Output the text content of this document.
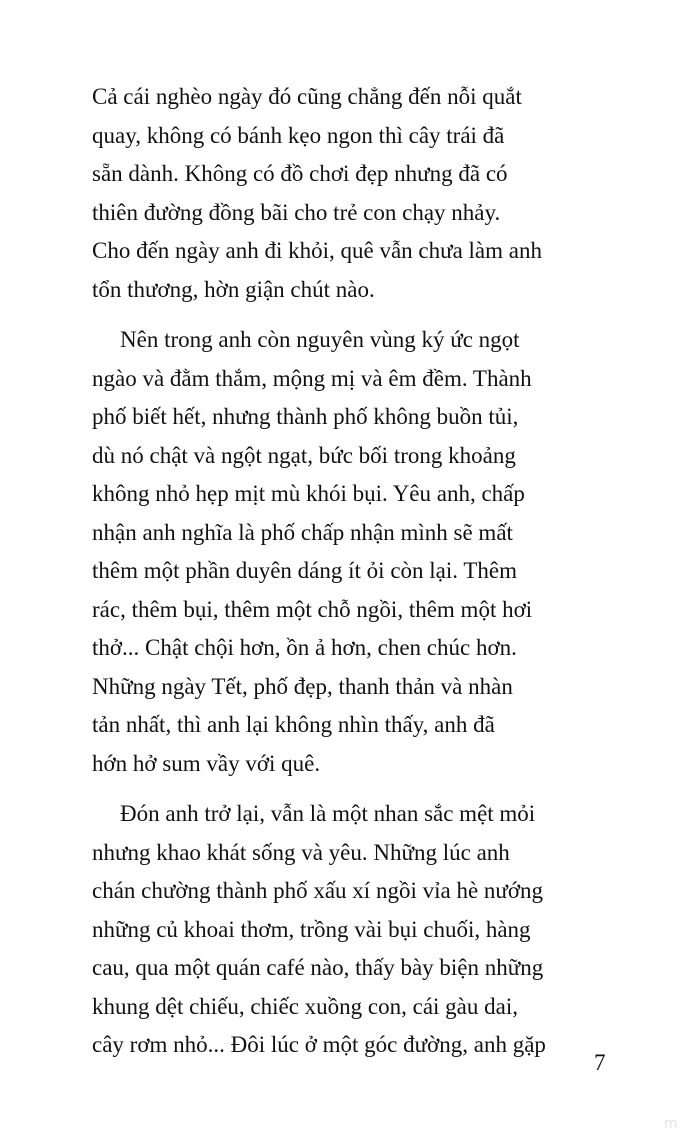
Cả cái nghèo ngày đó cũng chẳng đến nỗi quắt
quay, không có bánh kẹo ngon thì cây trái đã
sẵn dành. Không có đồ chơi đẹp nhưng đã có
thiên đường đồng bãi cho trẻ con chạy nhảy.
Cho đến ngày anh đi khỏi, quê vẫn chưa làm anh
tổn thương, hờn giận chút nào.

Nên trong anh còn nguyên vùng ký ức ngọt
ngào và đằm thắm, mộng mị và êm đềm. Thành
phố biết hết, nhưng thành phố không buồn tủi,
dù nó chật và ngột ngạt, bức bối trong khoảng
không nhỏ hẹp mịt mù khói bụi. Yêu anh, chấp
nhận anh nghĩa là phố chấp nhận mình sẽ mất
thêm một phần duyên dáng ít ỏi còn lại. Thêm
rác, thêm bụi, thêm một chỗ ngồi, thêm một hơi
thở... Chật chội hơn, ồn ả hơn, chen chúc hơn.
Những ngày Tết, phố đẹp, thanh thản và nhàn
tản nhất, thì anh lại không nhìn thấy, anh đã
hớn hở sum vầy với quê.

Đón anh trở lại, vẫn là một nhan sắc mệt mỏi
nhưng khao khát sống và yêu. Những lúc anh
chán chường thành phố xấu xí ngồi vỉa hè nướng
những củ khoai thơm, trồng vài bụi chuối, hàng
cau, qua một quán café nào, thấy bày biện những
khung dệt chiếu, chiếc xuồng con, cái gàu dai,
cây rơm nhỏ... Đôi lúc ở một góc đường, anh gặp

7
m
